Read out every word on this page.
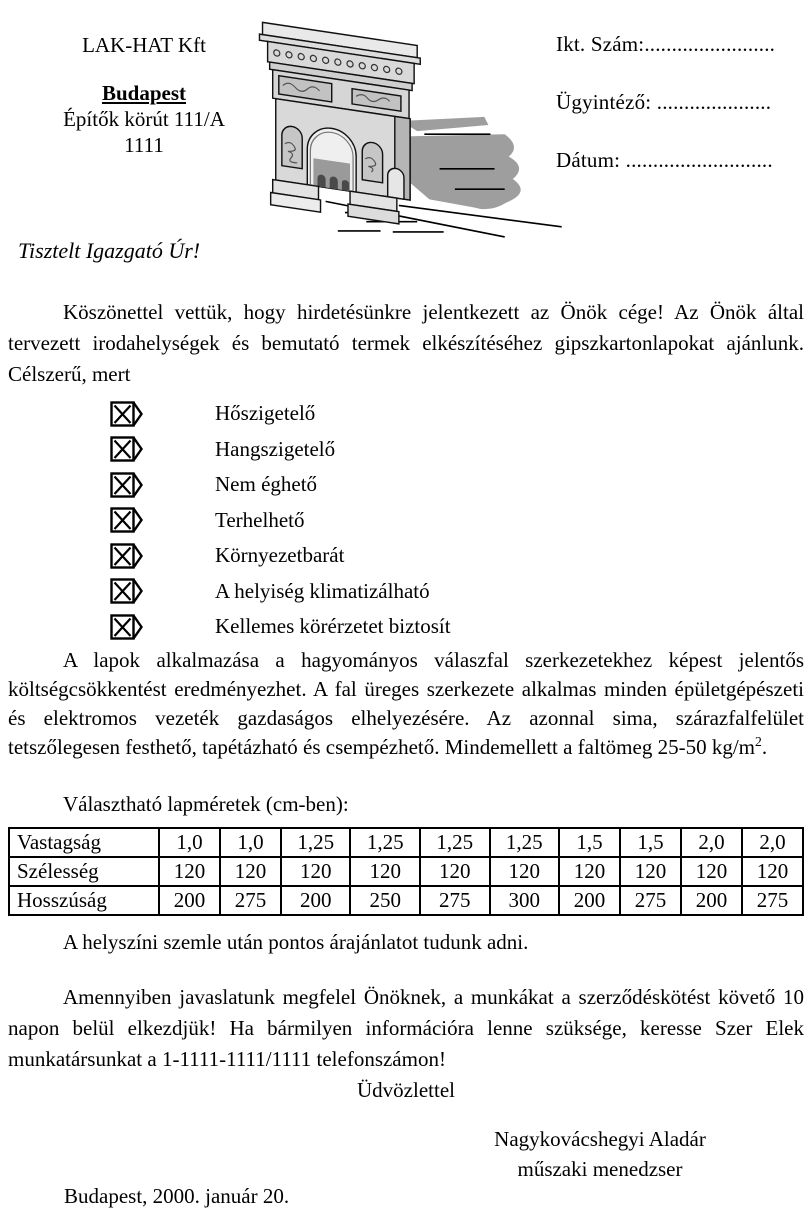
LAK-HAT Kft
Budapest
Építők körút 111/A
1111
Ikt. Szám:........................
Ügyintéző: .....................
Dátum: ...........................
Tisztelt Igazgató Úr!

Köszönettel vettük, hogy hirdetésünkre jelentkezett az Önök cége! Az Önök által tervezett irodahelységek és bemutató termek elkészítéséhez gipszkartonlapokat ajánlunk. Célszerű, mert

Hőszigetelő
Hangszigetelő
Nem éghető
Terhelhető
Környezetbarát
A helyiség klimatizálható
Kellemes körérzetet biztosít

A lapok alkalmazása a hagyományos válaszfal szerkezetekhez képest jelentős költségcsökkentést eredményezhet. A fal üreges szerkezete alkalmas minden épületgépészeti és elektromos vezeték gazdaságos elhelyezésére. Az azonnal sima, szárazfalfelület tetszőlegesen festhető, tapétázható és csempézhető. Mindemellett a faltömeg 25-50 $kg/m^2$.

Választható lapméretek (cm-ben):
Vastagság	1,0	1,0	1,25	1,25	1,25	1,25	1,5	1,5	2,0	2,0
Szélesség	120	120	120	120	120	120	120	120	120	120
Hosszúság	200	275	200	250	275	300	200	275	200	275
A helyszíni szemle után pontos árajánlatot tudunk adni.

Amennyiben javaslatunk megfelel Önöknek, a munkákat a szerződéskötést követő 10 napon belül elkezdjük! Ha bármilyen információra lenne szüksége, keresse Szer Elek munkatársunkat a 1-1111-1111/1111 telefonszámon!

Üdvözlettel
Nagykovácshegyi Aladár
műszaki menedzser
Budapest, 2000. január 20.
